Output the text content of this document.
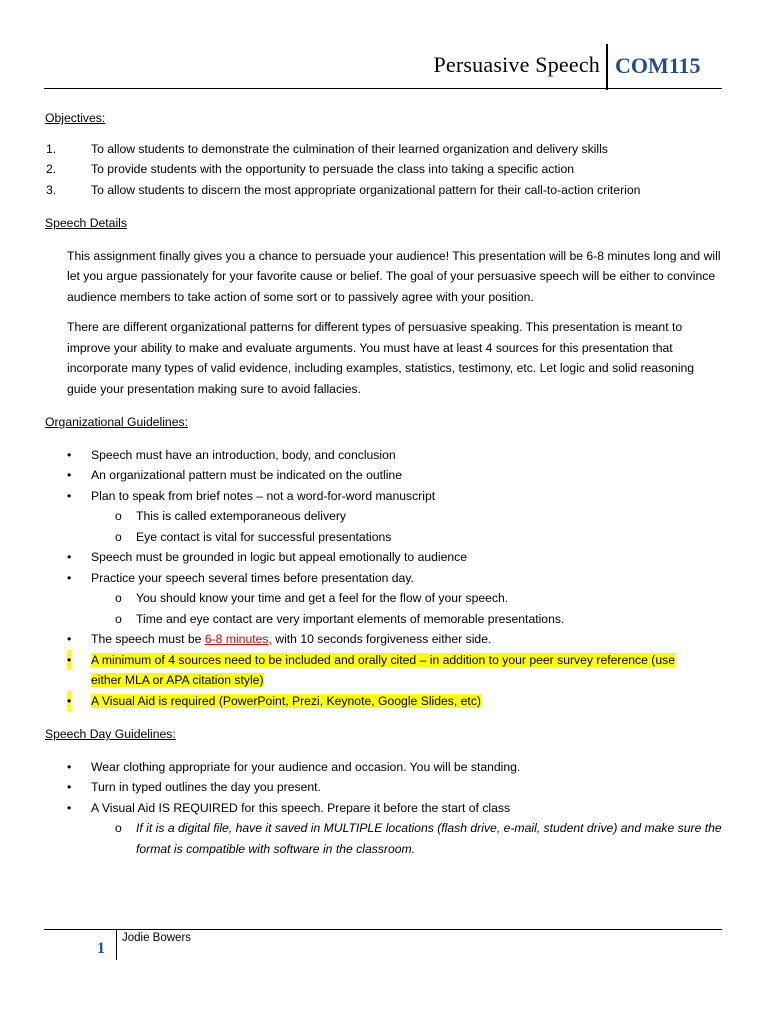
Persuasive Speech COM115

Objectives:

1.	To allow students to demonstrate the culmination of their learned organization and delivery skills
2.	To provide students with the opportunity to persuade the class into taking a specific action
3.	To allow students to discern the most appropriate organizational pattern for their call-to-action criterion

Speech Details

This assignment finally gives you a chance to persuade your audience! This presentation will be 6-8 minutes long and will let you argue passionately for your favorite cause or belief. The goal of your persuasive speech will be either to convince audience members to take action of some sort or to passively agree with your position.

There are different organizational patterns for different types of persuasive speaking. This presentation is meant to improve your ability to make and evaluate arguments. You must have at least 4 sources for this presentation that incorporate many types of valid evidence, including examples, statistics, testimony, etc. Let logic and solid reasoning guide your presentation making sure to avoid fallacies.

Organizational Guidelines:

• Speech must have an introduction, body, and conclusion
• An organizational pattern must be indicated on the outline
• Plan to speak from brief notes – not a word-for-word manuscript
o This is called extemporaneous delivery
o Eye contact is vital for successful presentations
• Speech must be grounded in logic but appeal emotionally to audience
• Practice your speech several times before presentation day.
o You should know your time and get a feel for the flow of your speech.
o Time and eye contact are very important elements of memorable presentations.
• The speech must be 6-8 minutes, with 10 seconds forgiveness either side.
• A minimum of 4 sources need to be included and orally cited – in addition to your peer survey reference (use
either MLA or APA citation style)
• A Visual Aid is required (PowerPoint, Prezi, Keynote, Google Slides, etc)

Speech Day Guidelines:

• Wear clothing appropriate for your audience and occasion. You will be standing.
• Turn in typed outlines the day you present.
• A Visual Aid IS REQUIRED for this speech. Prepare it before the start of class
o If it is a digital file, have it saved in MULTIPLE locations (flash drive, e-mail, student drive) and make sure the format is compatible with software in the classroom.
1
Jodie Bowers
